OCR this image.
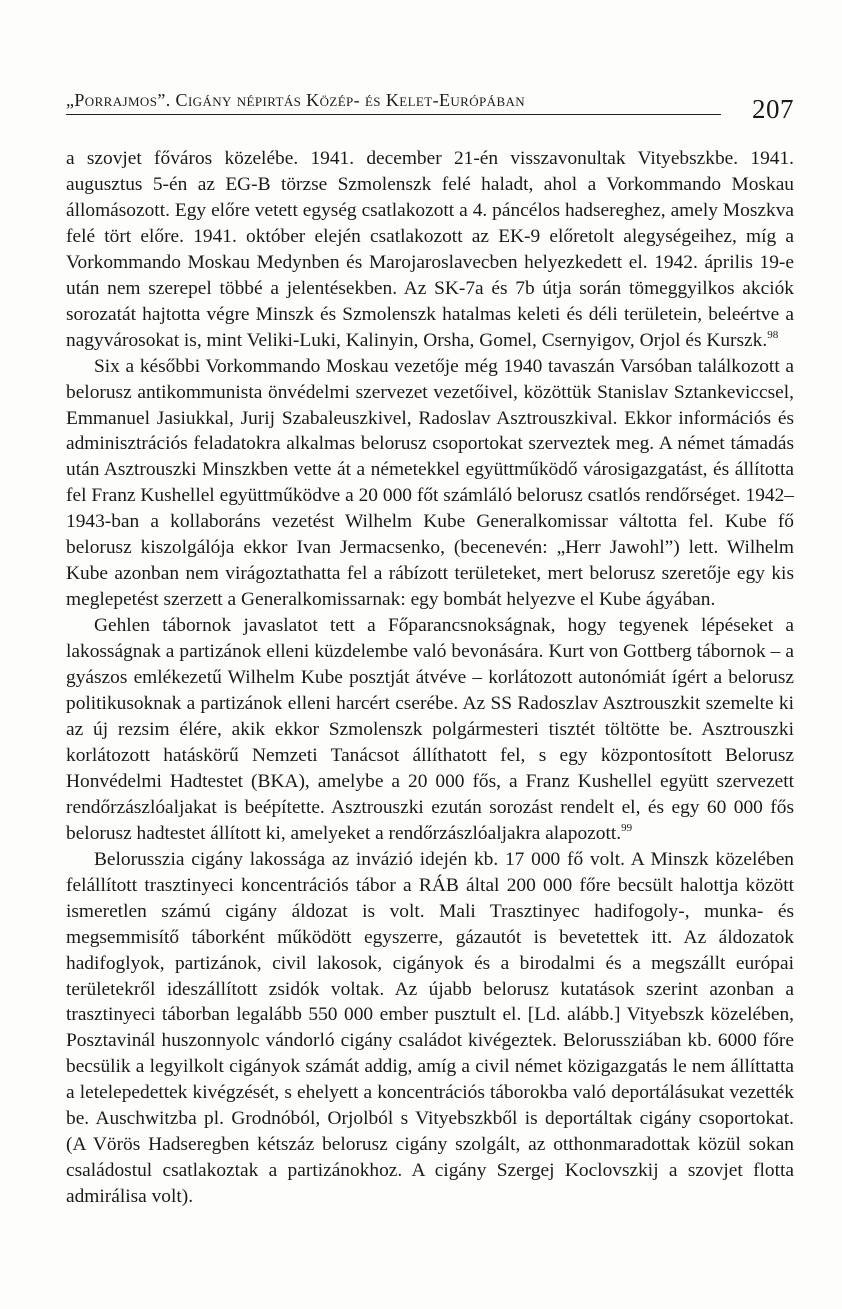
„Porrajmos”. Cigány népirtás Közép- és Kelet-Európában	207

a szovjet főváros közelébe. 1941. december 21-én visszavonultak Vityebszkbe. 1941. augusztus 5-én az EG-B törzse Szmolenszk felé haladt, ahol a Vorkommando Moskau állomásozott. Egy előre vetett egység csatlakozott a 4. páncélos hadsereghez, amely Moszkva felé tört előre. 1941. október elején csatlakozott az EK-9 előretolt alegységeihez, míg a Vorkommando Moskau Medynben és Marojaroslavecben helyezkedett el. 1942. április 19-e után nem szerepel többé a jelentésekben. Az SK-7a és 7b útja során tömeggyilkos akciók sorozatát hajtotta végre Minszk és Szmolenszk hatalmas keleti és déli területein, beleértve a nagyvárosokat is, mint Veliki-Luki, Kalinyin, Orsha, Gomel, Csernyigov, Orjol és Kurszk.$^{98}$

Six a későbbi Vorkommando Moskau vezetője még 1940 tavaszán Varsóban találkozott a belorusz antikommunista önvédelmi szervezet vezetőivel, közöttük Stanislav Sztankeviccsel, Emmanuel Jasiukkal, Jurij Szabaleuszkivel, Radoslav Asztrouszkival. Ekkor információs és adminisztrációs feladatokra alkalmas belorusz csoportokat szerveztek meg. A német támadás után Asztrouszki Minszkben vette át a németekkel együttműködő városigazgatást, és állította fel Franz Kushellel együttműködve a 20 000 főt számláló belorusz csatlós rendőrséget. 1942–1943-ban a kollaboráns vezetést Wilhelm Kube Generalkomissar váltotta fel. Kube fő belorusz kiszolgálója ekkor Ivan Jermacsenko, (becenevén: „Herr Jawohl”) lett. Wilhelm Kube azonban nem virágoztathatta fel a rábízott területeket, mert belorusz szeretője egy kis meglepetést szerzett a Generalkomissarnak: egy bombát helyezve el Kube ágyában.

Gehlen tábornok javaslatot tett a Főparancsnokságnak, hogy tegyenek lépéseket a lakosságnak a partizánok elleni küzdelembe való bevonására. Kurt von Gottberg tábornok – a gyászos emlékezetű Wilhelm Kube posztját átvéve – korlátozott autonómiát ígért a belorusz politikusoknak a partizánok elleni harcért cserébe. Az SS Radoszlav Asztrouszkit szemelte ki az új rezsim élére, akik ekkor Szmolenszk polgármesteri tisztét töltötte be. Asztrouszki korlátozott hatáskörű Nemzeti Tanácsot állíthatott fel, s egy központosított Belorusz Honvédelmi Hadtestet (BKA), amelybe a 20 000 fős, a Franz Kushellel együtt szervezett rendőrzászlóaljakat is beépítette. Asztrouszki ezután sorozást rendelt el, és egy 60 000 fős belorusz hadtestet állított ki, amelyeket a rendőrzászlóaljakra alapozott.$^{99}$

Belorusszia cigány lakossága az invázió idején kb. 17 000 fő volt. A Minszk közelében felállított trasztinyeci koncentrációs tábor a RÁB által 200 000 főre becsült halottja között ismeretlen számú cigány áldozat is volt. Mali Trasztinyec hadifogoly-, munka- és megsemmisítő táborként működött egyszerre, gázautót is bevetettek itt. Az áldozatok hadifoglyok, partizánok, civil lakosok, cigányok és a birodalmi és a megszállt európai területekről ideszállított zsidók voltak. Az újabb belorusz kutatások szerint azonban a trasztinyeci táborban legalább 550 000 ember pusztult el. [Ld. alább.] Vityebszk közelében, Posztavinál huszonnyolc vándorló cigány családot kivégeztek. Belorussziában kb. 6000 főre becsülik a legyilkolt cigányok számát addig, amíg a civil német közigazgatás le nem állíttatta a letelepedettek kivégzését, s ehelyett a koncentrációs táborokba való deportálásukat vezették be. Auschwitzba pl. Grodnóból, Orjolból s Vityebszkből is deportáltak cigány csoportokat. (A Vörös Hadseregben kétszáz belorusz cigány szolgált, az otthonmaradottak közül sokan családostul csatlakoztak a partizánokhoz. A cigány Szergej Koclovszkij a szovjet flotta admirálisa volt).
